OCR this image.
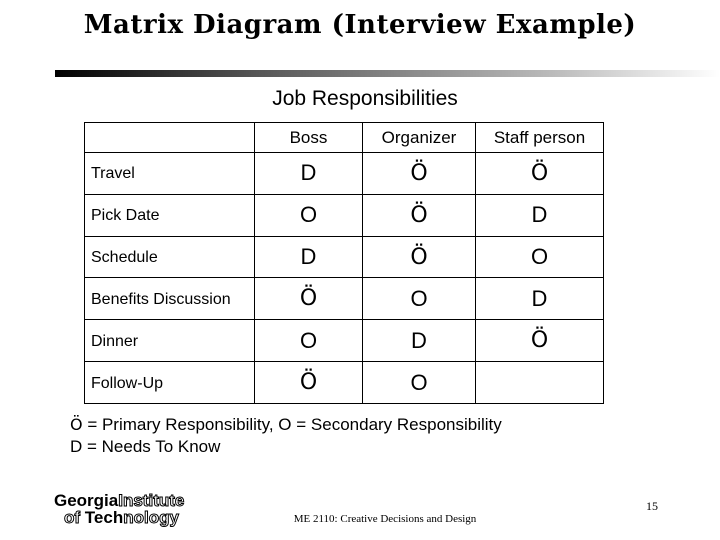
Matrix Diagram (Interview Example)
Job Responsibilities
	Boss	Organizer	Staff person
Travel	D	Ö	Ö
Pick Date	O	Ö	D
Schedule	D	Ö	O
Benefits Discussion	Ö	O	D
Dinner	O	D	Ö
Follow-Up	Ö	O	
Ö = Primary Responsibility, O = Secondary Responsibility
D = Needs To Know
GeorgiaInstitute
of Technology	ME 2110: Creative Decisions and Design
15
